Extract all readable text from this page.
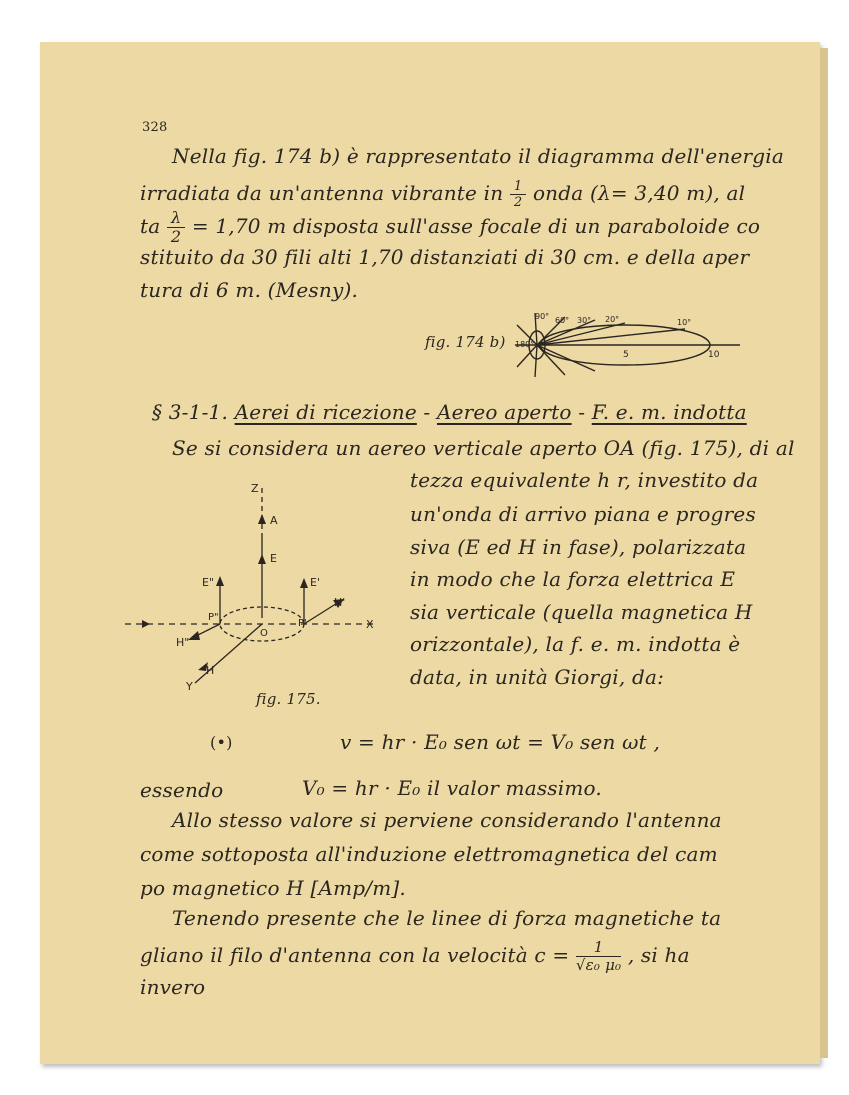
328
Nella fig. 174 b) è rappresentato il diagramma dell'energia
irradiata da un'antenna vibrante in $\frac{1}{2}$ onda (λ= 3,40 m), al
ta $\frac{\lambda}{2} = 1,70$ m disposta sull'asse focale di un paraboloide co
stituito da 30 fili alti 1,70 distanziati di 30 cm. e della aper
tura di 6 m. (Mesny).
fig. 174 b)
90° 60° 30° 20°	10°
180°
5	10
§ 3-1-1. Aerei di ricezione - Aereo aperto - F. e. m. indotta
Se si considera un aereo verticale aperto OA (fig. 175), di al
tezza equivalente h r, investito da
un'onda di arrivo piana e progres
siva (E ed H in fase), polarizzata
in modo che la forza elettrica E
sia verticale (quella magnetica H
orizzontale), la f. e. m. indotta è
data, in unità Giorgi, da:
Z
A
E
E"	E'
H'
P"
P'
O
X
H"
H
Y
fig. 175.
(•)	v = hr · E₀ sen ωt = V₀ sen ωt ,
essendo	V₀ = hr · E₀ il valor massimo.
Allo stesso valore si perviene considerando l'antenna
come sottoposta all'induzione elettromagnetica del cam
po magnetico H [Amp/m].
Tenendo presente che le linee di forza magnetiche ta
gliano il filo d'antenna con la velocità $c = \frac{1}{\text{√ε₀ μ₀}}$ , si ha
invero
